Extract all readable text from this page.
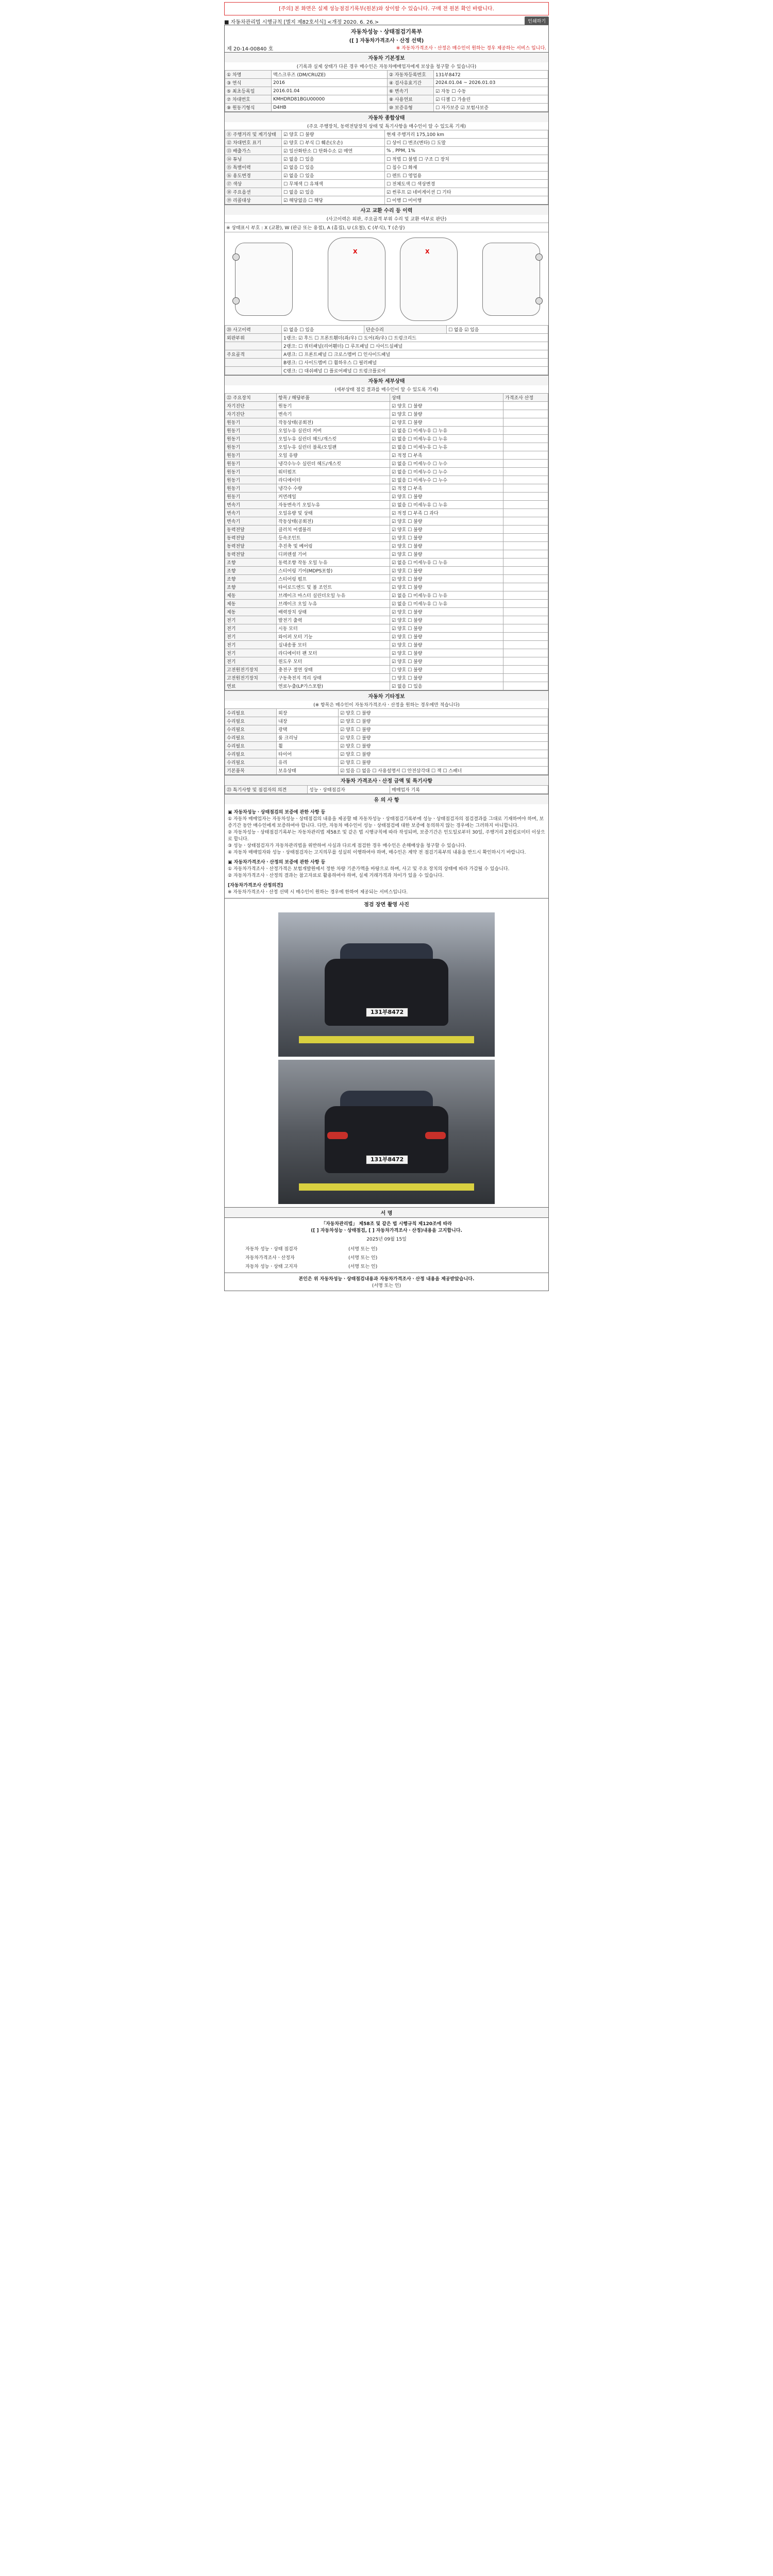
[주의] 본 화면은 실제 성능점검기록부(원본)와 상이할 수 있습니다. 구매 전 원본 확인 바랍니다.
■ 자동차관리법 시행규칙 [별지 제82호서식] <개정 2020. 6. 26.>	인쇄하기
자동차성능ㆍ상태점검기록부
([ ] 자동차가격조사ㆍ산정 선택)
제 20-14-00840 호	※ 자동차가격조사ㆍ산정은 매수인이 원하는 경우 제공하는 서비스 입니다.
자동차 기본정보
(기록과 실제 상태가 다른 경우 매수인은 자동차매매업자에게 보상을 청구할 수 있습니다)
① 차명	맥스크루즈 (DM/CRUZE)	② 자동차등록번호	131부8472
③ 연식	2016	④ 검사유효기간	2024.01.04 ~ 2026.01.03
⑤ 최초등록일	2016.01.04	⑥ 변속기	☑ 자동 ☐ 수동
⑦ 차대번호	KMHDRD81BGU00000	⑧ 사용연료	☑ 디젤 ☐ 가솔린
⑨ 원동기형식	D4HB	⑩ 보증유형	☐ 자가보증 ☑ 보험사보증
자동차 종합상태
(주요 주행장치, 동력전달장치 상태 및 특기사항을 매수인이 알 수 있도록 기재)
⑪ 주행거리 및 계기상태	☑ 양호 ☐ 불량	현재 주행거리 175,100 km
⑫ 차대번호 표기	☑ 양호 ☐ 부식 ☐ 훼손(오손)	☐ 상이 ☐ 변조(변타) ☐ 도말
⑬ 배출가스	☑ 일산화탄소 ☐ 탄화수소 ☑ 매연	% , PPM, 1%
⑭ 튜닝	☑ 없음 ☐ 있음	☐ 적법 ☐ 불법 ☐ 구조 ☐ 장치
⑮ 특별이력	☑ 없음 ☐ 있음	☐ 침수 ☐ 화재
⑯ 용도변경	☑ 없음 ☐ 있음	☐ 렌트 ☐ 영업용
⑰ 색상	☐ 무채색 ☐ 유채색	☐ 전체도색 ☐ 색상변경
⑱ 주요옵션	☐ 없음 ☑ 있음	☑ 썬루프 ☑ 네비게이션 ☐ 기타
⑲ 리콜대상	☑ 해당없음 ☐ 해당	☐ 이행 ☐ 미이행
사고 교환 수리 등 이력
(사고이력은 외판, 주요골격 부위 수리 및 교환 여부로 판단)
※ 상태표시 부호 : X (교환), W (판금 또는 용접), A (흠집), U (요철), C (부식), T (손상)
X	X
⑳ 사고이력	☑ 없음 ☐ 있음	단순수리	☐ 없음 ☑ 있음
외판부위	1랭크: ☑ 후드 ☐ 프론트휀더(좌/우) ☐ 도어(좌/우) ☐ 트렁크리드		
	2랭크: ☐ 쿼터패널(리어휀더) ☐ 루프패널 ☐ 사이드실패널		
주요골격	A랭크: ☐ 프론트패널 ☐ 크로스멤버 ☐ 인사이드패널		
	B랭크: ☐ 사이드멤버 ☐ 휠하우스 ☐ 필러패널		
	C랭크: ☐ 대쉬패널 ☐ 플로어패널 ☐ 트렁크플로어		
자동차 세부상태
(세부상태 점검 결과를 매수인이 알 수 있도록 기재)
㉒ 주요장치	항목 / 해당부품	상태	가격조사 산정
자기진단	원동기	☑ 양호 ☐ 불량	
자기진단	변속기	☑ 양호 ☐ 불량	
원동기	작동상태(공회전)	☑ 양호 ☐ 불량	
원동기	오일누유 실린더 커버	☑ 없음 ☐ 미세누유 ☐ 누유	
원동기	오일누유 실린더 헤드/개스킷	☑ 없음 ☐ 미세누유 ☐ 누유	
원동기	오일누유 실린더 블록/오일팬	☑ 없음 ☐ 미세누유 ☐ 누유	
원동기	오일 유량	☑ 적정 ☐ 부족	
원동기	냉각수누수 실린더 헤드/개스킷	☑ 없음 ☐ 미세누수 ☐ 누수	
원동기	워터펌프	☑ 없음 ☐ 미세누수 ☐ 누수	
원동기	라디에이터	☑ 없음 ☐ 미세누수 ☐ 누수	
원동기	냉각수 수량	☑ 적정 ☐ 부족	
원동기	커먼레일	☑ 양호 ☐ 불량	
변속기	자동변속기 오일누유	☑ 없음 ☐ 미세누유 ☐ 누유	
변속기	오일유량 및 상태	☑ 적정 ☐ 부족 ☐ 과다	
변속기	작동상태(공회전)	☑ 양호 ☐ 불량	
동력전달	클러치 어셈블리	☑ 양호 ☐ 불량	
동력전달	등속조인트	☑ 양호 ☐ 불량	
동력전달	추진축 및 베어링	☑ 양호 ☐ 불량	
동력전달	디퍼렌셜 기어	☑ 양호 ☐ 불량	
조향	동력조향 작동 오일 누유	☑ 없음 ☐ 미세누유 ☐ 누유	
조향	스티어링 기어(MDPS포함)	☑ 양호 ☐ 불량	
조향	스티어링 펌프	☑ 양호 ☐ 불량	
조향	타이로드엔드 및 볼 조인트	☑ 양호 ☐ 불량	
제동	브레이크 마스터 실린더오일 누유	☑ 없음 ☐ 미세누유 ☐ 누유	
제동	브레이크 오일 누유	☑ 없음 ☐ 미세누유 ☐ 누유	
제동	배력장치 상태	☑ 양호 ☐ 불량	
전기	발전기 출력	☑ 양호 ☐ 불량	
전기	시동 모터	☑ 양호 ☐ 불량	
전기	와이퍼 모터 기능	☑ 양호 ☐ 불량	
전기	실내송풍 모터	☑ 양호 ☐ 불량	
전기	라디에이터 팬 모터	☑ 양호 ☐ 불량	
전기	윈도우 모터	☑ 양호 ☐ 불량	
고전원전기장치	충전구 절연 상태	☐ 양호 ☐ 불량	
고전원전기장치	구동축전지 격리 상태	☐ 양호 ☐ 불량	
연료	연료누출(LP가스포함)	☑ 없음 ☐ 있음	
자동차 기타정보
(※ 항목은 매수인이 자동차가격조사ㆍ산정을 원하는 경우에만 적습니다)
수리필요	외장	☑ 양호 ☐ 불량
수리필요	내장	☑ 양호 ☐ 불량
수리필요	광택	☑ 양호 ☐ 불량
수리필요	룸 크리닝	☑ 양호 ☐ 불량
수리필요	휠	☑ 양호 ☐ 불량
수리필요	타이어	☑ 양호 ☐ 불량
수리필요	유리	☑ 양호 ☐ 불량
기본품목	보유상태	☑ 있음 ☐ 없음 ☐ 사용설명서 ☐ 안전삼각대 ☐ 잭 ☐ 스패너
자동차 가격조사ㆍ산정 금액 및 특기사항
㉓ 특기사항 및 점검자의 의견	성능ㆍ상태점검자	매매업자 기록
유 의 사 항
▣ 자동차성능ㆍ상태점검의 보증에 관한 사항 등
① 자동차 매매업자는 자동차성능ㆍ상태점검의 내용을 제공할 때 자동차성능ㆍ상태점검기록부에 성능ㆍ상태점검자의 점검결과를 그대로 기재하여야 하며, 보증기간 동안 매수인에게 보증하여야 합니다. 다만, 자동차 매수인이 성능ㆍ상태점검에 대한 보증에 동의하지 않는 경우에는 그러하지 아니합니다.
② 자동차성능ㆍ상태점검기록부는 자동차관리법 제58조 및 같은 법 시행규칙에 따라 작성되며, 보증기간은 인도일로부터 30일, 주행거리 2천킬로미터 이상으로 합니다.
③ 성능ㆍ상태점검자가 자동차관리법을 위반하여 사실과 다르게 점검한 경우 매수인은 손해배상을 청구할 수 있습니다.
④ 자동차 매매업자와 성능ㆍ상태점검자는 고지의무를 성실히 이행하여야 하며, 매수인은 계약 전 점검기록부의 내용을 반드시 확인하시기 바랍니다.
▣ 자동차가격조사ㆍ산정의 보증에 관한 사항 등
① 자동차가격조사ㆍ산정가격은 보험개발원에서 정한 차량 기준가액을 바탕으로 하며, 사고 및 주요 장치의 상태에 따라 가감될 수 있습니다.
② 자동차가격조사ㆍ산정의 결과는 참고자료로 활용하여야 하며, 실제 거래가격과 차이가 있을 수 있습니다.
[자동차가격조사 산정의견]
※ 자동차가격조사ㆍ산정 선택 시 매수인이 원하는 경우에 한하여 제공되는 서비스입니다.
점검 장면 촬영 사진
131부8472
131부8472
서 명
「자동차관리법」 제58조 및 같은 법 시행규칙 제120조에 따라
([ ] 자동차성능ㆍ상태점검, [ ] 자동차가격조사ㆍ산정)내용을 고지합니다.
2025년 09월 15일
자동차 성능ㆍ상태 점검자	(서명 또는 인)
자동차가격조사ㆍ산정자	(서명 또는 인)
자동차 성능ㆍ상태 고지자	(서명 또는 인)
본인은 위 자동차성능ㆍ상태점검내용과 자동차가격조사ㆍ산정 내용을 제공받았습니다.
(서명 또는 인)
